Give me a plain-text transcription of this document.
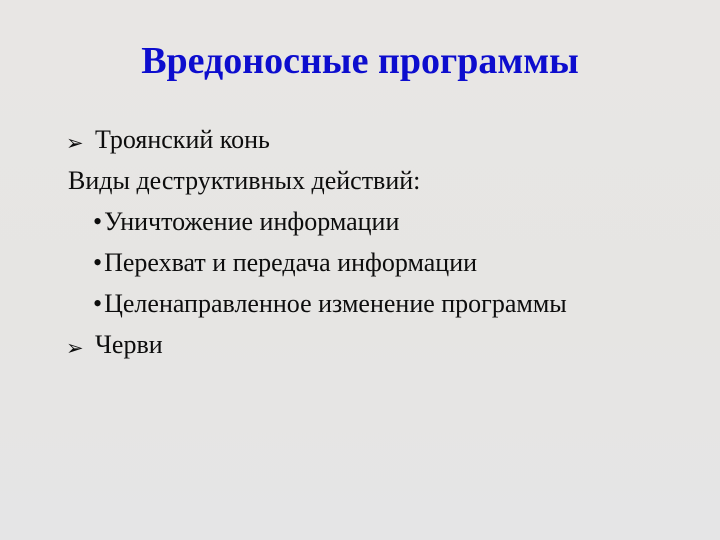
Вредоносные программы
➢ Троянский конь
Виды деструктивных действий:
• Уничтожение информации
• Перехват и передача информации
• Целенаправленное изменение программы
➢ Черви
